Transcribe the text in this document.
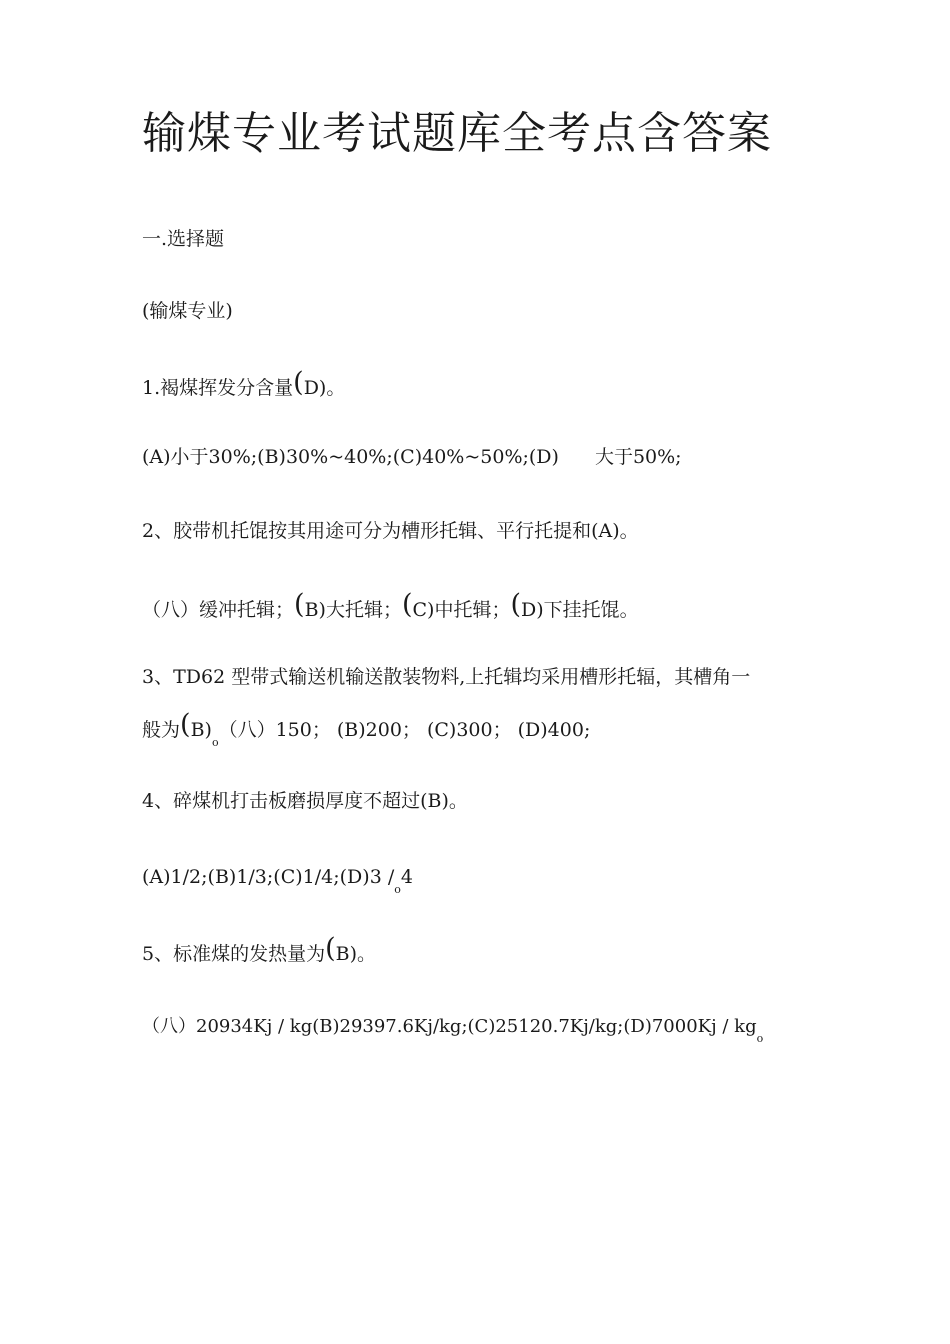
输煤专业考试题库全考点含答案
一.选择题
(输煤专业)
1.褐煤挥发分含量(D)。
(A)小于30%;(B)30%~40%;(C)40%~50%;(D) 大于50%;
2、胶带机托馄按其用途可分为槽形托辑、平行托提和(A)。
（八）缓冲托辑；(B)大托辑；(C)中托辑；(D)下挂托馄。
3、TD62 型带式输送机输送散装物料,上托辑均采用槽形托辐，其槽角一
般为$(B)_o$（八）150； (B)200； (C)300； (D)400;
4、碎煤机打击板磨损厚度不超过(B)。
(A)1/2;(B)1/3;(C)1/4;(D)3 $/_o4$
5、标准煤的发热量为(B)。
（八）20934Kj / kg(B)29397.6Kj/kg;(C)25120.7Kj/kg;(D)7000Kj / $kg_o$
